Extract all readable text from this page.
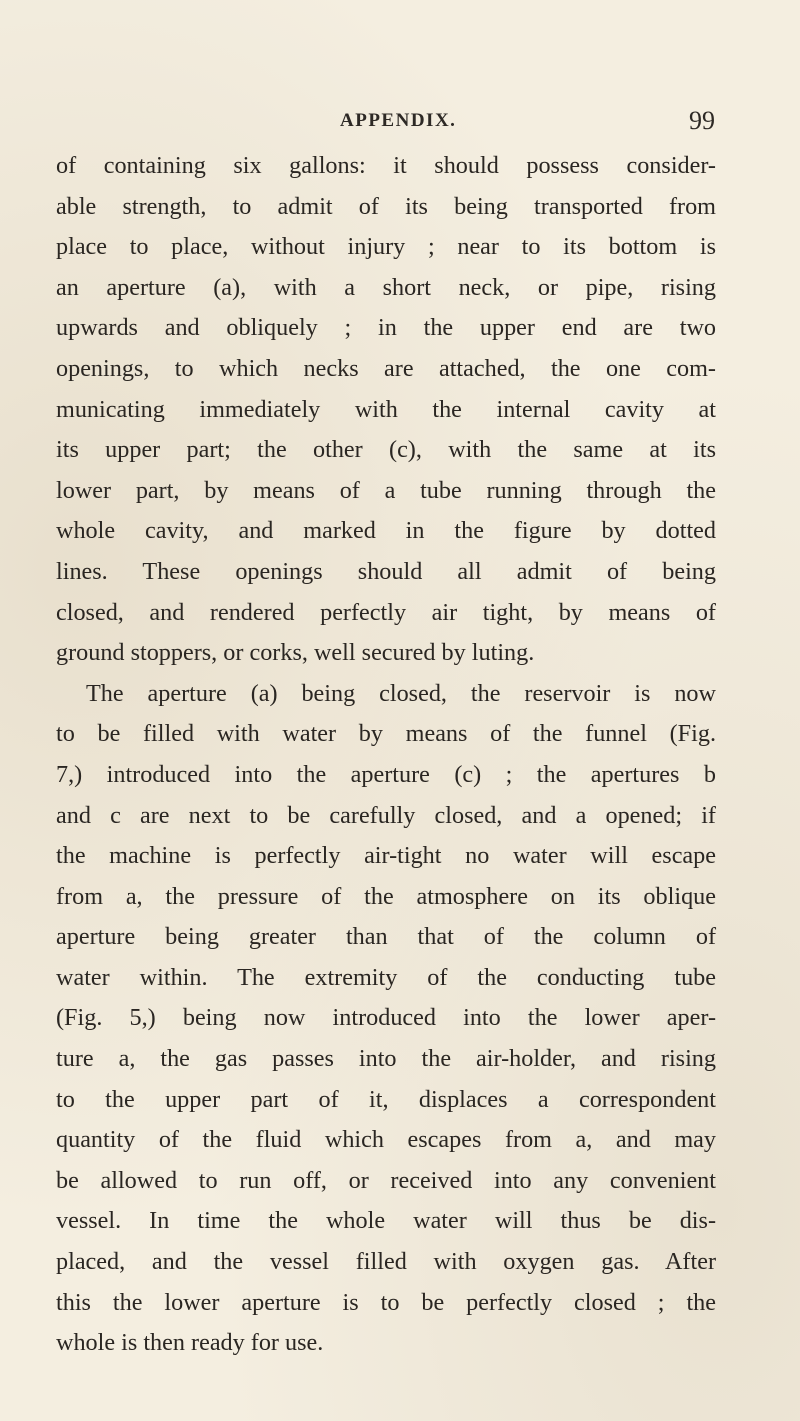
APPENDIX.	99
of containing six gallons: it should possess consider-
able strength, to admit of its being transported from
place to place, without injury ; near to its bottom is
an aperture (a), with a short neck, or pipe, rising
upwards and obliquely ; in the upper end are two
openings, to which necks are attached, the one com-
municating immediately with the internal cavity at
its upper part; the other (c), with the same at its
lower part, by means of a tube running through the
whole cavity, and marked in the figure by dotted
lines. These openings should all admit of being
closed, and rendered perfectly air tight, by means of
ground stoppers, or corks, well secured by luting.
The aperture (a) being closed, the reservoir is now
to be filled with water by means of the funnel (Fig.
7,) introduced into the aperture (c) ; the apertures b
and c are next to be carefully closed, and a opened; if
the machine is perfectly air-tight no water will escape
from a, the pressure of the atmosphere on its oblique
aperture being greater than that of the column of
water within. The extremity of the conducting tube
(Fig. 5,) being now introduced into the lower aper-
ture a, the gas passes into the air-holder, and rising
to the upper part of it, displaces a correspondent
quantity of the fluid which escapes from a, and may
be allowed to run off, or received into any convenient
vessel. In time the whole water will thus be dis-
placed, and the vessel filled with oxygen gas. After
this the lower aperture is to be perfectly closed ; the
whole is then ready for use.
